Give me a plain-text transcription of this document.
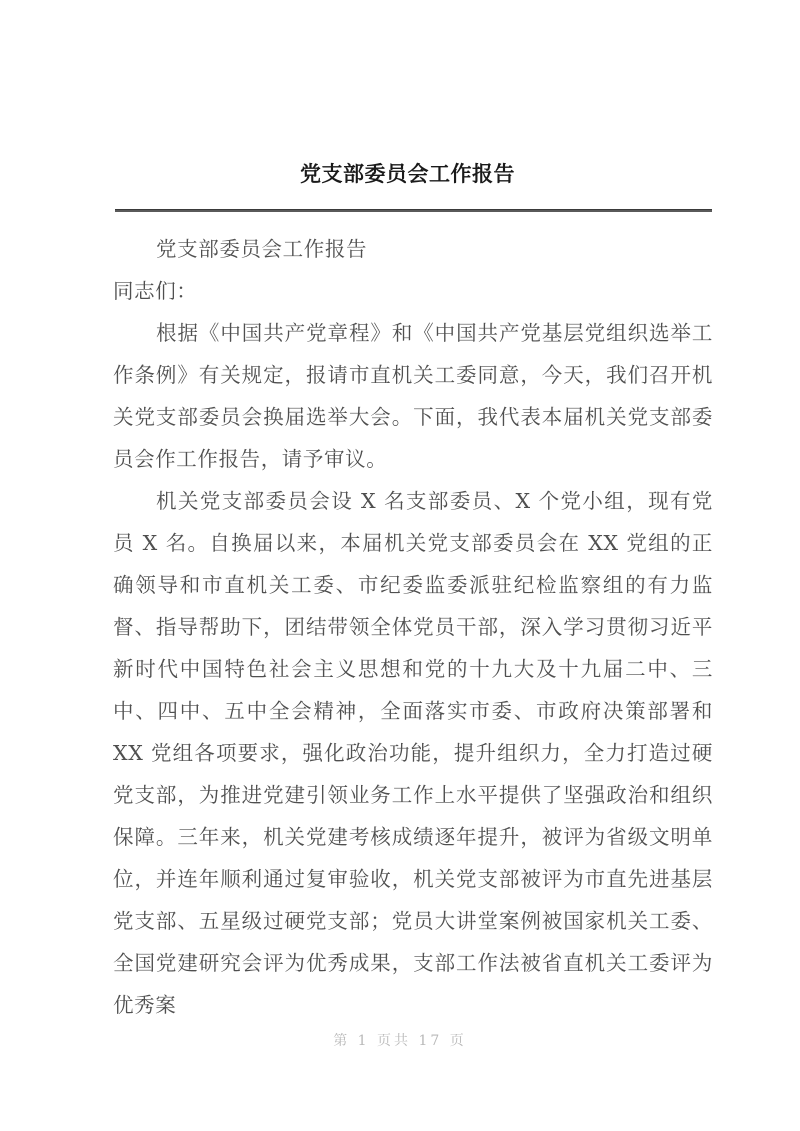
党支部委员会工作报告

党支部委员会工作报告

同志们：

根据《中国共产党章程》和《中国共产党基层党组织选举工作条例》有关规定，报请市直机关工委同意，今天，我们召开机关党支部委员会换届选举大会。下面，我代表本届机关党支部委员会作工作报告，请予审议。

机关党支部委员会设 X 名支部委员、X 个党小组，现有党员 X 名。自换届以来，本届机关党支部委员会在 XX 党组的正确领导和市直机关工委、市纪委监委派驻纪检监察组的有力监督、指导帮助下，团结带领全体党员干部，深入学习贯彻习近平新时代中国特色社会主义思想和党的十九大及十九届二中、三中、四中、五中全会精神，全面落实市委、市政府决策部署和 XX 党组各项要求，强化政治功能，提升组织力，全力打造过硬党支部，为推进党建引领业务工作上水平提供了坚强政治和组织保障。三年来，机关党建考核成绩逐年提升，被评为省级文明单位，并连年顺利通过复审验收，机关党支部被评为市直先进基层党支部、五星级过硬党支部；党员大讲堂案例被国家机关工委、全国党建研究会评为优秀成果，支部工作法被省直机关工委评为优秀案

第 1 页共 17 页
